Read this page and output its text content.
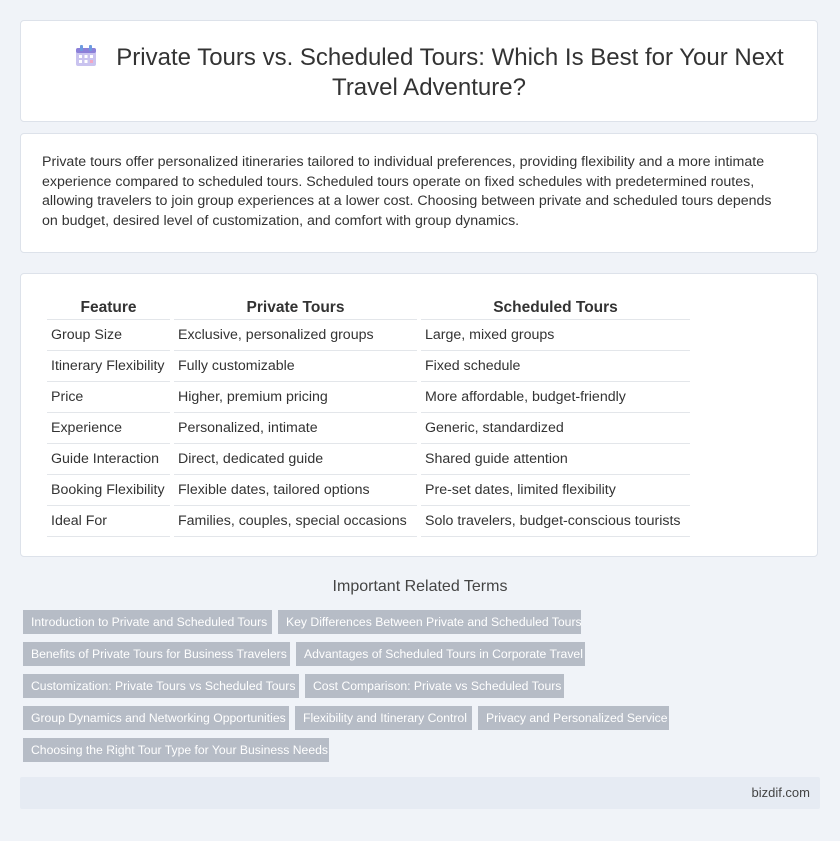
Private Tours vs. Scheduled Tours: Which Is Best for Your Next Travel Adventure?
Private tours offer personalized itineraries tailored to individual preferences, providing flexibility and a more intimate experience compared to scheduled tours. Scheduled tours operate on fixed schedules with predetermined routes, allowing travelers to join group experiences at a lower cost. Choosing between private and scheduled tours depends on budget, desired level of customization, and comfort with group dynamics.
Feature	Private Tours	Scheduled Tours
Group Size	Exclusive, personalized groups	Large, mixed groups
Itinerary Flexibility	Fully customizable	Fixed schedule
Price	Higher, premium pricing	More affordable, budget-friendly
Experience	Personalized, intimate	Generic, standardized
Guide Interaction	Direct, dedicated guide	Shared guide attention
Booking Flexibility	Flexible dates, tailored options	Pre-set dates, limited flexibility
Ideal For	Families, couples, special occasions	Solo travelers, budget-conscious tourists
Important Related Terms
Introduction to Private and Scheduled Tours	Key Differences Between Private and Scheduled Tours
Benefits of Private Tours for Business Travelers	Advantages of Scheduled Tours in Corporate Travel
Customization: Private Tours vs Scheduled Tours	Cost Comparison: Private vs Scheduled Tours
Group Dynamics and Networking Opportunities	Flexibility and Itinerary Control	Privacy and Personalized Service
Choosing the Right Tour Type for Your Business Needs
bizdif.com
